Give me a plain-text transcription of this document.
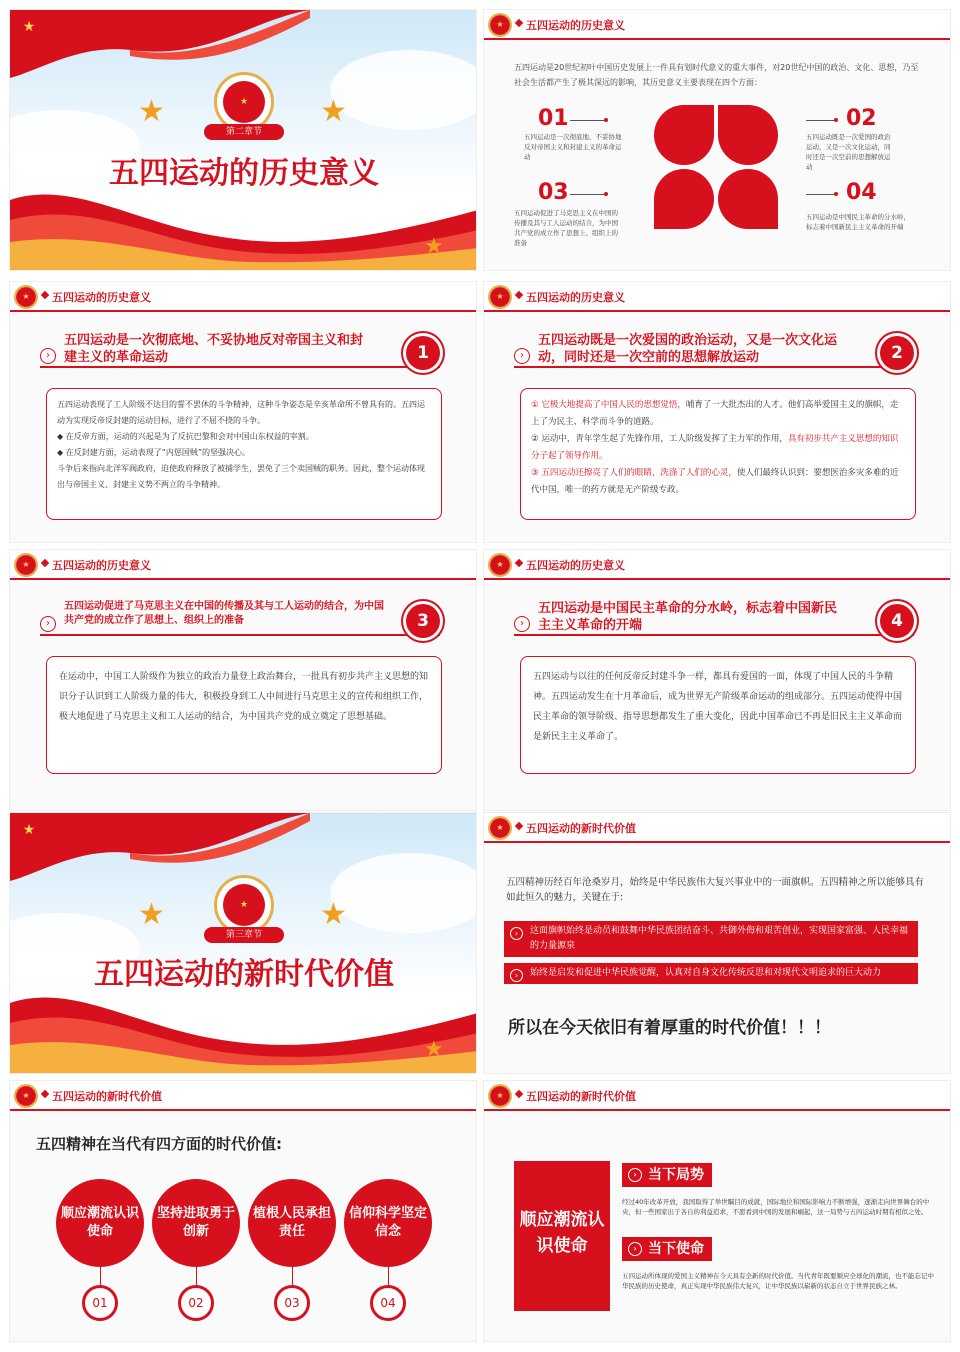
★
★	★
★
第二章节
五四运动的历史意义
★
★	五四运动的历史意义
五四运动是20世纪初叶中国历史发展上一件具有划时代意义的重大事件，对20世纪中国的政治、文化、思想，乃至社会生活都产生了极其深远的影响，其历史意义主要表现在四个方面：
01
五四运动是一次彻底地、不妥协地反对帝国主义和封建主义的革命运动
02
五四运动既是一次爱国的政治运动，又是一次文化运动，同时还是一次空前的思想解放运动
03
五四运动促进了马克思主义在中国的传播及其与工人运动的结合，为中国共产党的成立作了思想上、组织上的准备
04
五四运动是中国民主革命的分水岭，标志着中国新民主主义革命的开端
★	五四运动的历史意义
›
五四运动是一次彻底地、不妥协地反对帝国主义和封建主义的革命运动	1
五四运动表现了工人阶级不达目的誓不罢休的斗争精神，这种斗争姿态是辛亥革命所不曾具有的。五四运动为实现反帝反封建的运动目标，进行了不屈不挠的斗争。
◆ 在反帝方面，运动的兴起是为了反抗巴黎和会对中国山东权益的宰割。
◆ 在反封建方面，运动表现了“内惩国贼”的坚强决心。
斗争后来指向北洋军阀政府，迫使政府释放了被捕学生，罢免了三个卖国贼的职务。因此，整个运动体现出与帝国主义、封建主义势不两立的斗争精神。
★	五四运动的历史意义
›
五四运动既是一次爱国的政治运动，又是一次文化运动，同时还是一次空前的思想解放运动	2
① 它极大地提高了中国人民的思想觉悟，哺育了一大批杰出的人才。他们高举爱国主义的旗帜，走上了为民主、科学而斗争的道路。
② 运动中，青年学生起了先锋作用，工人阶级发挥了主力军的作用，具有初步共产主义思想的知识分子起了领导作用。
③ 五四运动还擦亮了人们的眼睛，洗涤了人们的心灵，使人们最终认识到：要想医治多灾多难的近代中国，唯一的药方就是无产阶级专政。
★	五四运动的历史意义
›
五四运动促进了马克思主义在中国的传播及其与工人运动的结合，为中国共产党的成立作了思想上、组织上的准备	3
在运动中，中国工人阶级作为独立的政治力量登上政治舞台，一批具有初步共产主义思想的知识分子认识到工人阶级力量的伟大，积极投身到工人中间进行马克思主义的宣传和组织工作，极大地促进了马克思主义和工人运动的结合，为中国共产党的成立奠定了思想基础。
★	五四运动的历史意义
›
五四运动是中国民主革命的分水岭，标志着中国新民主主义革命的开端	4
五四运动与以往的任何反帝反封建斗争一样，都具有爱国的一面，体现了中国人民的斗争精神。五四运动发生在十月革命后，成为世界无产阶级革命运动的组成部分。五四运动使得中国民主革命的领导阶级、指导思想都发生了重大变化，因此中国革命已不再是旧民主主义革命而是新民主主义革命了。
★
★	★
★
第三章节
五四运动的新时代价值
★
★	五四运动的新时代价值
五四精神历经百年沧桑岁月，始终是中华民族伟大复兴事业中的一面旗帜。五四精神之所以能够具有如此恒久的魅力，关键在于:
›	这面旗帜始终是动员和鼓舞中华民族团结奋斗、共御外侮和艰苦创业，实现国家富强、人民幸福的力量源泉
›	始终是启发和促进中华民族觉醒，认真对自身文化传统反思和对现代文明追求的巨大动力
所以在今天依旧有着厚重的时代价值！！！
★	五四运动的新时代价值
五四精神在当代有四方面的时代价值:
顺应潮流认识使命
01
坚持进取勇于创新
02
植根人民承担责任
03
信仰科学坚定信念
04
★	五四运动的新时代价值
顺应潮流认识使命
› 当下局势
经过40年改革开放，我国取得了举世瞩目的成就，国际地位和国际影响力不断增强，逐渐走向世界舞台的中央，但一些国家出于各自的利益追求，不愿看到中国的发展和崛起，这一局势与五四运动时期有相似之处。
› 当下使命
五四运动所体现的爱国主义精神在今天具有全新的时代价值。当代青年既要顺应全球化的潮流，也不能忘记中华民族的历史使命，真正实现中华民族伟大复兴，让中华民族以崭新的状态自立于世界民族之林。
